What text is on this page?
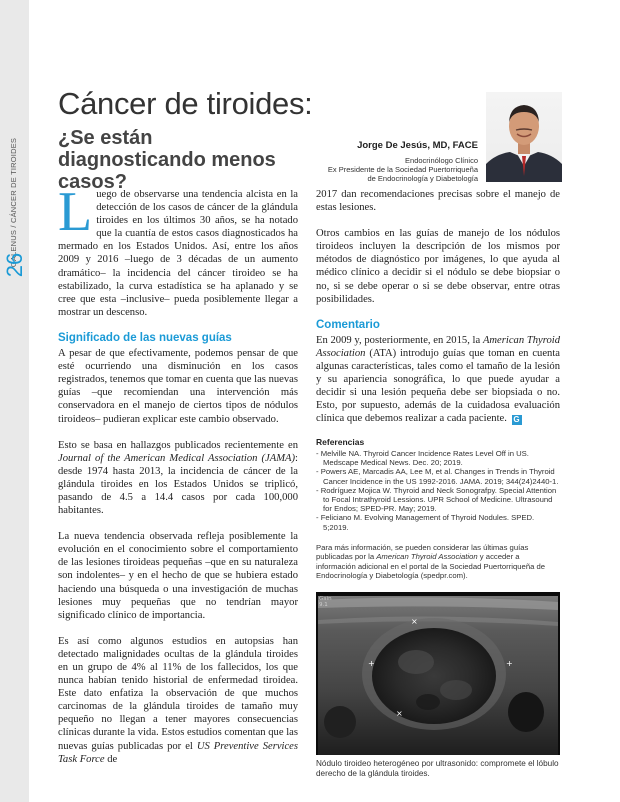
GALENUS / CÁNCER DE TIROIDES
26
Cáncer de tiroides:
¿Se están diagnosticando menos casos?
Jorge De Jesús, MD, FACE
Endocrinólogo Clínico
Ex Presidente de la Sociedad Puertorriqueña
de Endocrinología y Diabetología

Luego de observarse una tendencia alcista en la detección de los casos de cáncer de la glándula tiroides en los últimos 30 años, se ha notado que la cuantía de estos casos diagnosticados ha mermado en los Estados Unidos. Así, entre los años 2009 y 2016 –luego de 3 décadas de un aumento dramático– la incidencia del cáncer tiroideo se ha estabilizado, la curva estadística se ha aplanado y se cree que esta –inclusive– pueda posiblemente llegar a mostrar un descenso.

Significado de las nuevas guías

A pesar de que efectivamente, podemos pensar de que esté ocurriendo una disminución en los casos registrados, tenemos que tomar en cuenta que las nuevas guías –que recomiendan una intervención más conservadora en el manejo de ciertos tipos de nódulos tiroideos– pudieran explicar este cambio observado.

Esto se basa en hallazgos publicados recientemente en Journal of the American Medical Association (JAMA): desde 1974 hasta 2013, la incidencia de cáncer de la glándula tiroides en los Estados Unidos se triplicó, pasando de 4.5 a 14.4 casos por cada 100,000 habitantes.

La nueva tendencia observada refleja posiblemente la evolución en el conocimiento sobre el comportamiento de las lesiones tiroideas pequeñas –que en su naturaleza son indolentes– y en el hecho de que se hubiera estado haciendo una búsqueda o una investigación de muchas lesiones muy pequeñas que no tendrían mayor significado clínico de importancia.

Es así como algunos estudios en autopsias han detectado malignidades ocultas de la glándula tiroides en un grupo de 4% al 11% de los fallecidos, los que nunca habían tenido historial de enfermedad tiroidea. Este dato enfatiza la observación de que muchos carcinomas de la glándula tiroides de tamaño muy pequeño no llegan a tener mayores consecuencias clínicas durante la vida. Estos estudios comentan que las nuevas guías publicadas por el US Preventive Services Task Force de

2017 dan recomendaciones precisas sobre el manejo de estas lesiones.

Otros cambios en las guías de manejo de los nódulos tiroideos incluyen la descripción de los mismos por métodos de diagnóstico por imágenes, lo que ayuda al médico clínico a decidir si el nódulo se debe biopsiar o no, si se debe operar o si se debe observar, entre otras posibilidades.

Comentario

En 2009 y, posteriormente, en 2015, la American Thyroid Association (ATA) introdujo guías que toman en cuenta algunas características, tales como el tamaño de la lesión y su apariencia sonográfica, lo que puede ayudar a decidir si una lesión pequeña debe ser biopsiada o no. Esto, por supuesto, además de la cuidadosa evaluación clínica que debemos realizar a cada paciente. G

Referencias
- Melville NA. Thyroid Cancer Incidence Rates Level Off in US. Medscape Medical News. Dec. 20; 2019.
- Powers AE, Marcadis AA, Lee M, et al. Changes in Trends in Thyroid Cancer Incidence in the US 1992-2016. JAMA. 2019; 344(24)2440-1.
- Rodríguez Mojica W. Thyroid and Neck Sonografpy. Special Attention to Focal Intrathyroid Lessions. UPR School of Medicine. Ultrasound for Endos; SPED-PR. May; 2019.
- Feliciano M. Evolving Management of Thyroid Nodules. SPED. 5;2019.

Para más información, se pueden considerar las últimas guías publicadas por la American Thyroid Association y acceder a información adicional en el portal de la Sociedad Puertorriqueña de Endocrinología y Diabetología (spedpr.com).

+	+
×
×
Gain
9.1

Nódulo tiroideo heterogéneo por ultrasonido: compromete el lóbulo derecho de la glándula tiroides.
